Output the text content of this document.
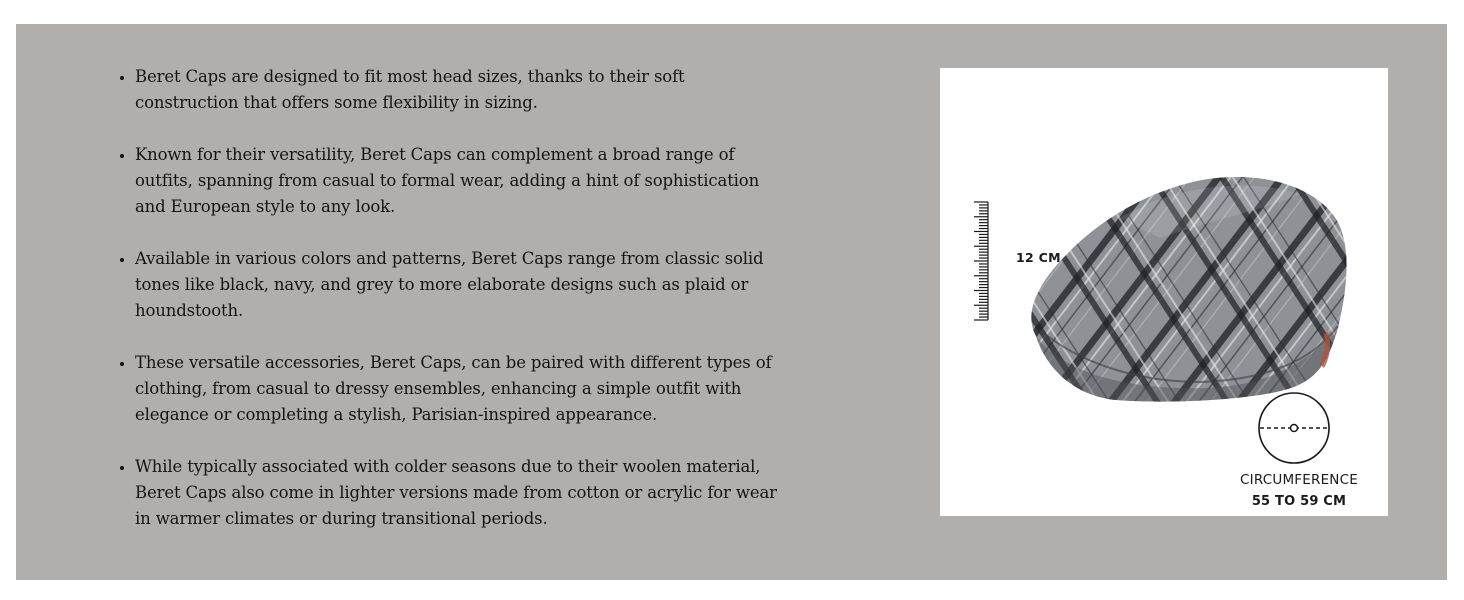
• Beret Caps are designed to fit most head sizes, thanks to their soft construction that offers some flexibility in sizing.
• Known for their versatility, Beret Caps can complement a broad range of outfits, spanning from casual to formal wear, adding a hint of sophistication and European style to any look.
• Available in various colors and patterns, Beret Caps range from classic solid tones like black, navy, and grey to more elaborate designs such as plaid or houndstooth.
• These versatile accessories, Beret Caps, can be paired with different types of clothing, from casual to dressy ensembles, enhancing a simple outfit with elegance or completing a stylish, Parisian-inspired appearance.
• While typically associated with colder seasons due to their woolen material, Beret Caps also come in lighter versions made from cotton or acrylic for wear in warmer climates or during transitional periods.
12 CM
CIRCUMFERENCE
55 TO 59 CM
